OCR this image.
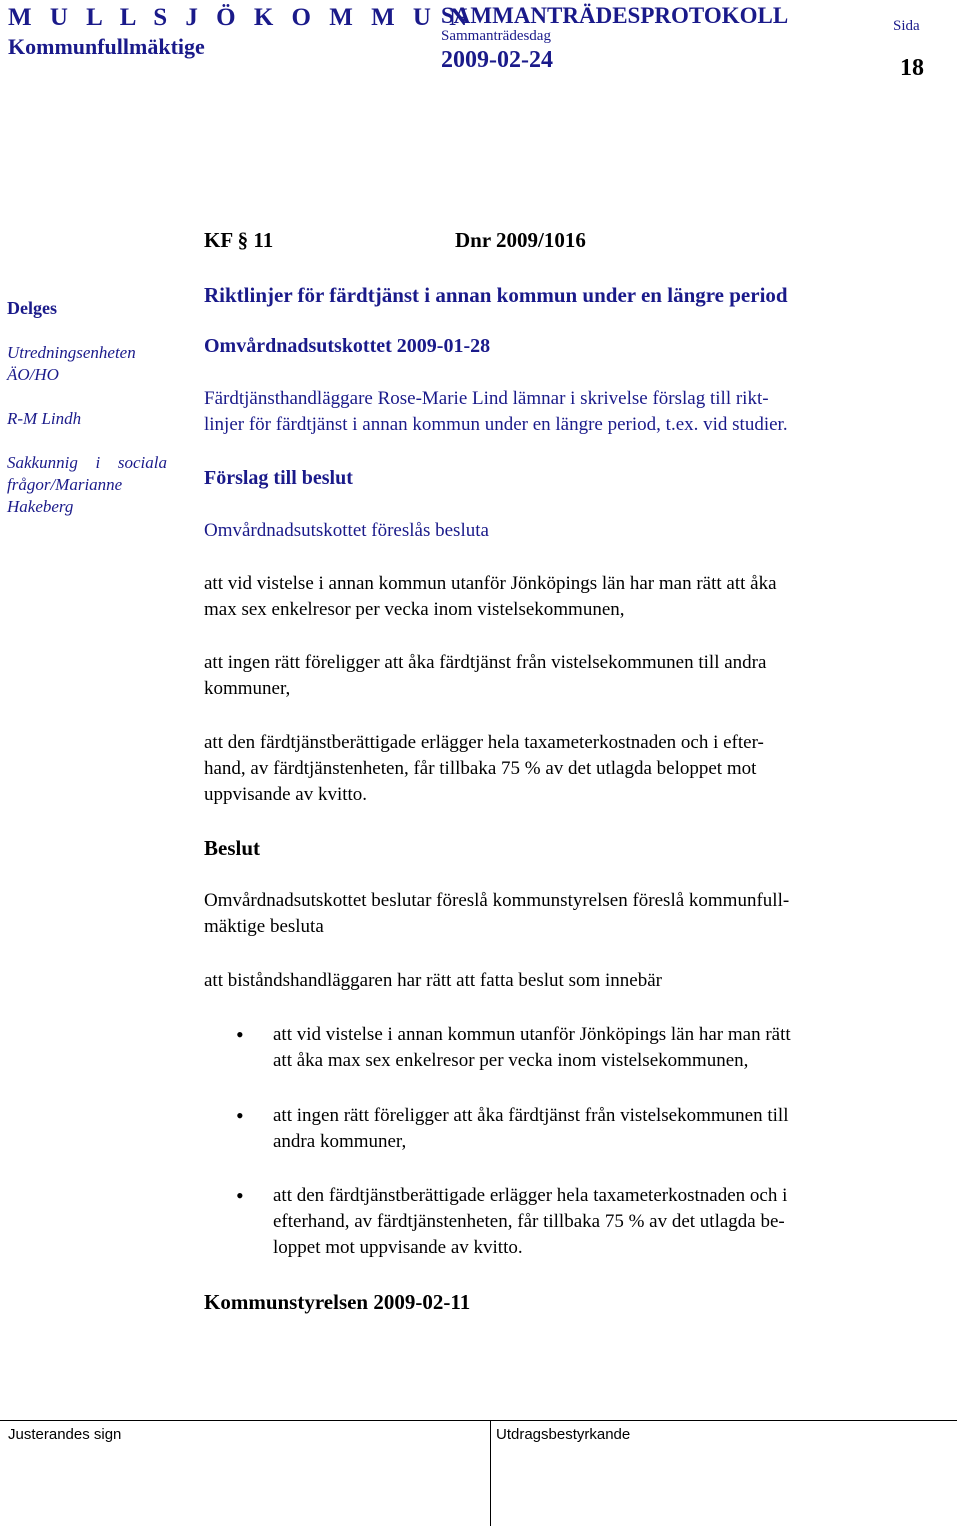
M U L L S J Ö K O M M U N
Kommunfullmäktige
SAMMANTRÄDESPROTOKOLL
Sammanträdesdag
2009-02-24
Sida
18
KF § 11	Dnr 2009/1016
Delges
Utredningsenheten
ÄO/HO
R-M Lindh
Sakkunnig i sociala
frågor/Marianne
Hakeberg
Riktlinjer för färdtjänst i annan kommun under en längre period
Omvårdnadsutskottet 2009-01-28
Färdtjänsthandläggare Rose-Marie Lind lämnar i skrivelse förslag till rikt-
linjer för färdtjänst i annan kommun under en längre period, t.ex. vid studier.
Förslag till beslut
Omvårdnadsutskottet föreslås besluta
att vid vistelse i annan kommun utanför Jönköpings län har man rätt att åka
max sex enkelresor per vecka inom vistelsekommunen,
att ingen rätt föreligger att åka färdtjänst från vistelsekommunen till andra
kommuner,
att den färdtjänstberättigade erlägger hela taxameterkostnaden och i efter-
hand, av färdtjänstenheten, får tillbaka 75 % av det utlagda beloppet mot
uppvisande av kvitto.
Beslut
Omvårdnadsutskottet beslutar föreslå kommunstyrelsen föreslå kommunfull-
mäktige besluta
att biståndshandläggaren har rätt att fatta beslut som innebär
• att vid vistelse i annan kommun utanför Jönköpings län har man rätt
att åka max sex enkelresor per vecka inom vistelsekommunen,
• att ingen rätt föreligger att åka färdtjänst från vistelsekommunen till
andra kommuner,
• att den färdtjänstberättigade erlägger hela taxameterkostnaden och i
efterhand, av färdtjänstenheten, får tillbaka 75 % av det utlagda be-
loppet mot uppvisande av kvitto.
Kommunstyrelsen 2009-02-11
Justerandes sign	Utdragsbestyrkande
